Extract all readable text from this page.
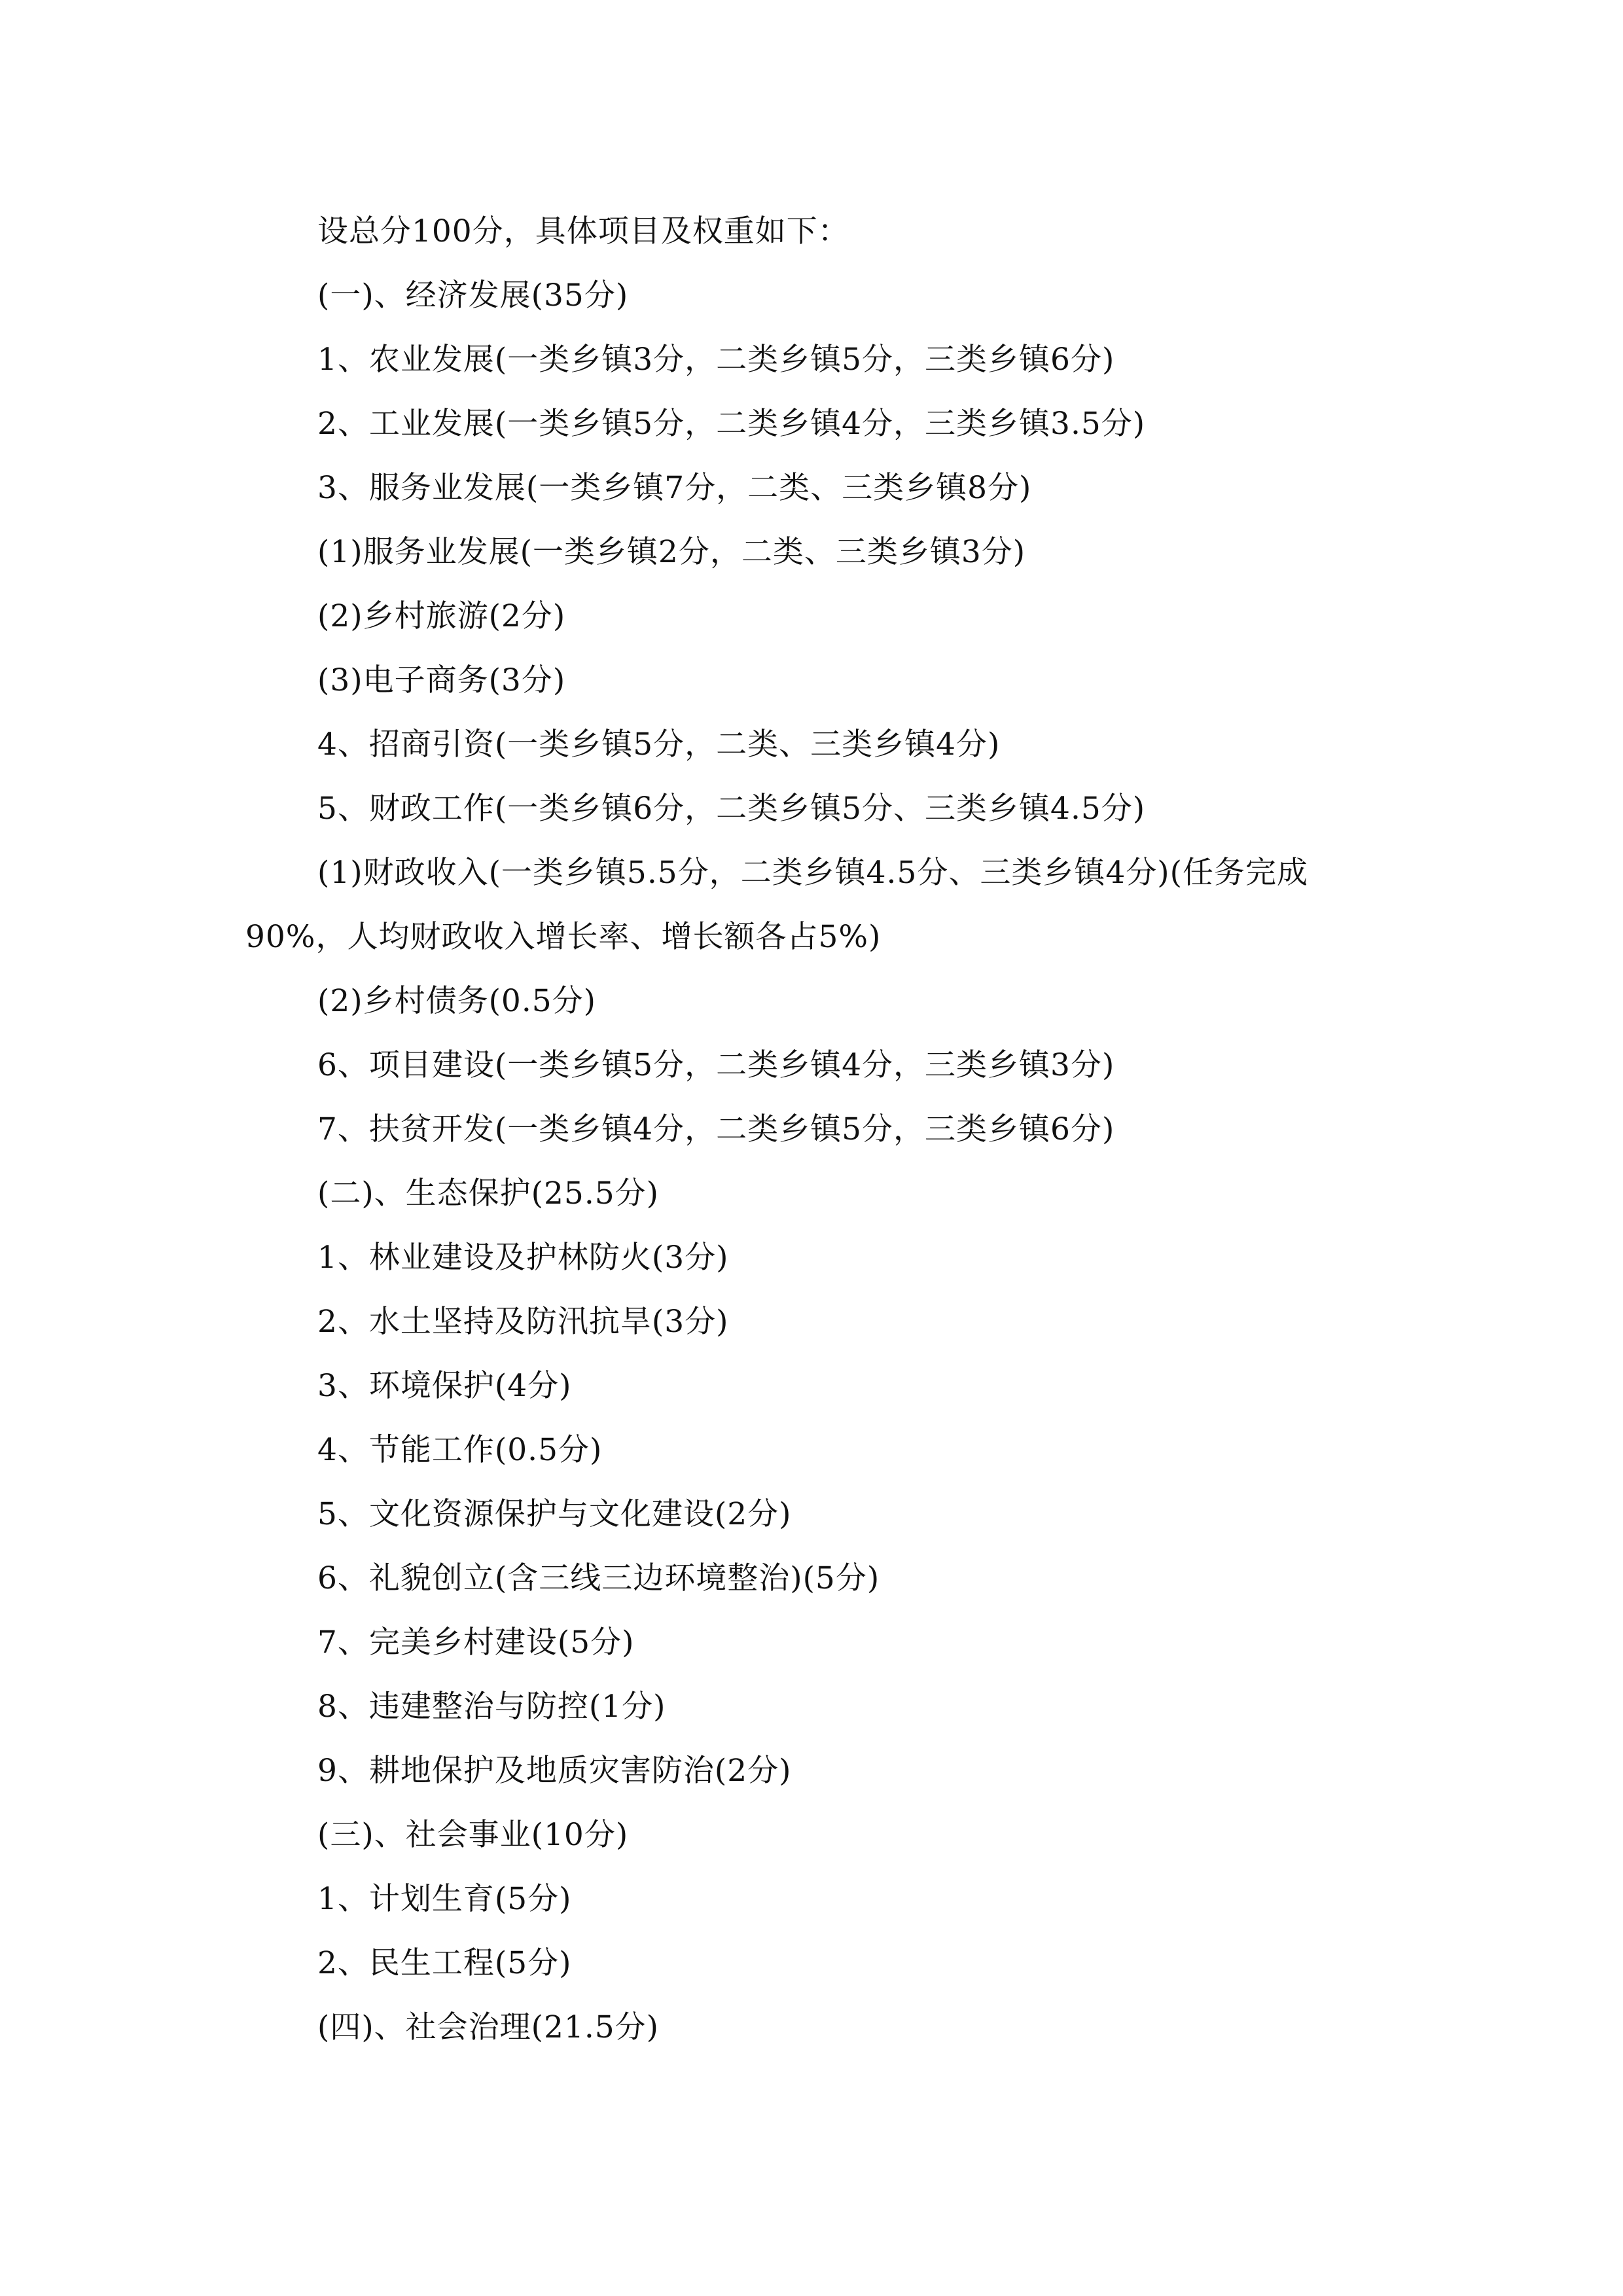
设总分100分，具体项目及权重如下：
(一)、经济发展(35分)
1、农业发展(一类乡镇3分，二类乡镇5分，三类乡镇6分)
2、工业发展(一类乡镇5分，二类乡镇4分，三类乡镇3.5分)
3、服务业发展(一类乡镇7分，二类、三类乡镇8分)
(1)服务业发展(一类乡镇2分，二类、三类乡镇3分)
(2)乡村旅游(2分)
(3)电子商务(3分)
4、招商引资(一类乡镇5分，二类、三类乡镇4分)
5、财政工作(一类乡镇6分，二类乡镇5分、三类乡镇4.5分)
(1)财政收入(一类乡镇5.5分，二类乡镇4.5分、三类乡镇4分)(任务完成
90%，人均财政收入增长率、增长额各占5%)
(2)乡村债务(0.5分)
6、项目建设(一类乡镇5分，二类乡镇4分，三类乡镇3分)
7、扶贫开发(一类乡镇4分，二类乡镇5分，三类乡镇6分)
(二)、生态保护(25.5分)
1、林业建设及护林防火(3分)
2、水土坚持及防汛抗旱(3分)
3、环境保护(4分)
4、节能工作(0.5分)
5、文化资源保护与文化建设(2分)
6、礼貌创立(含三线三边环境整治)(5分)
7、完美乡村建设(5分)
8、违建整治与防控(1分)
9、耕地保护及地质灾害防治(2分)
(三)、社会事业(10分)
1、计划生育(5分)
2、民生工程(5分)
(四)、社会治理(21.5分)
